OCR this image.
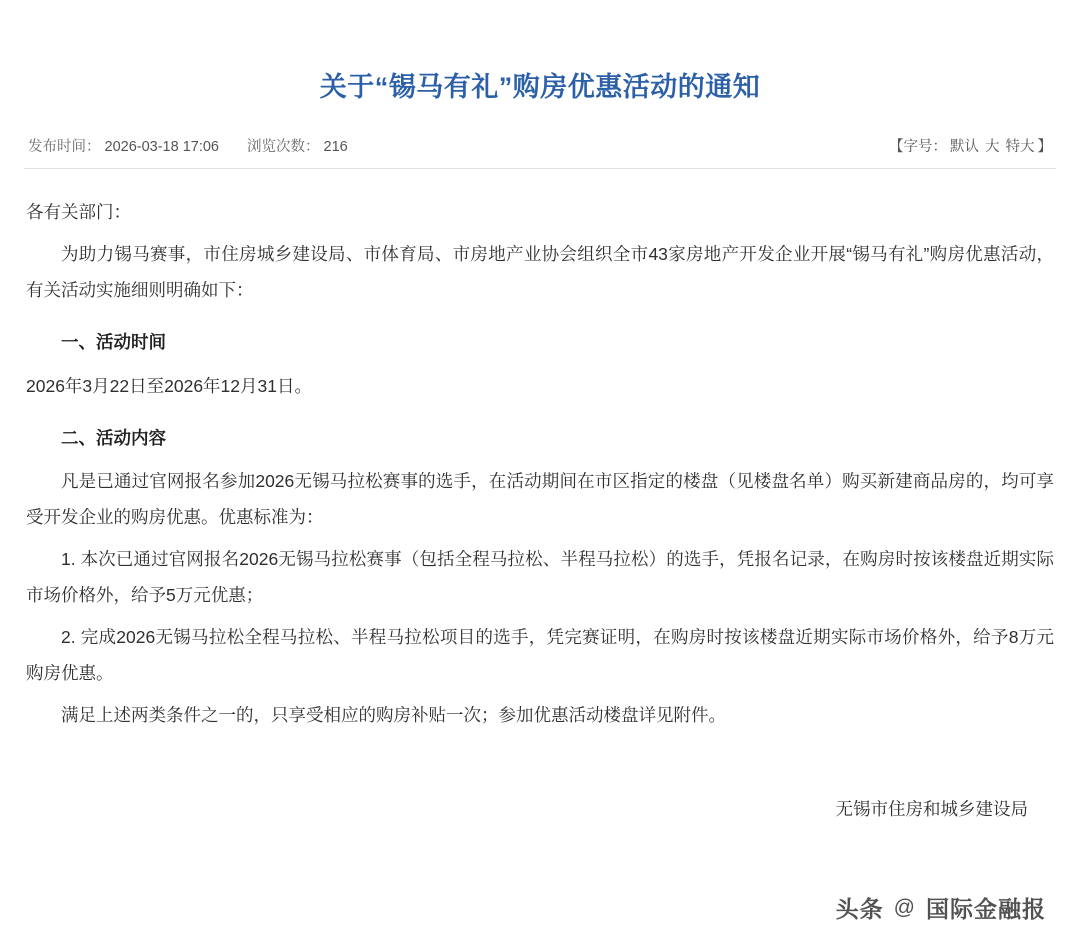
关于“锡马有礼”购房优惠活动的通知
发布时间： 2026-03-18 17:06 浏览次数： 216	【字号： 默认 大 特大 】

各有关部门：

为助力锡马赛事，市住房城乡建设局、市体育局、市房地产业协会组织全市43家房地产开发企业开展“锡马有礼”购房优惠活动，有关活动实施细则明确如下：

一、活动时间

2026年3月22日至2026年12月31日。

二、活动内容

凡是已通过官网报名参加2026无锡马拉松赛事的选手，在活动期间在市区指定的楼盘（见楼盘名单）购买新建商品房的，均可享受开发企业的购房优惠。优惠标准为：

1. 本次已通过官网报名2026无锡马拉松赛事（包括全程马拉松、半程马拉松）的选手，凭报名记录，在购房时按该楼盘近期实际市场价格外，给予5万元优惠；

2. 完成2026无锡马拉松全程马拉松、半程马拉松项目的选手，凭完赛证明，在购房时按该楼盘近期实际市场价格外，给予8万元购房优惠。

满足上述两类条件之一的，只享受相应的购房补贴一次；参加优惠活动楼盘详见附件。

无锡市住房和城乡建设局
头条 @ 国际金融报
